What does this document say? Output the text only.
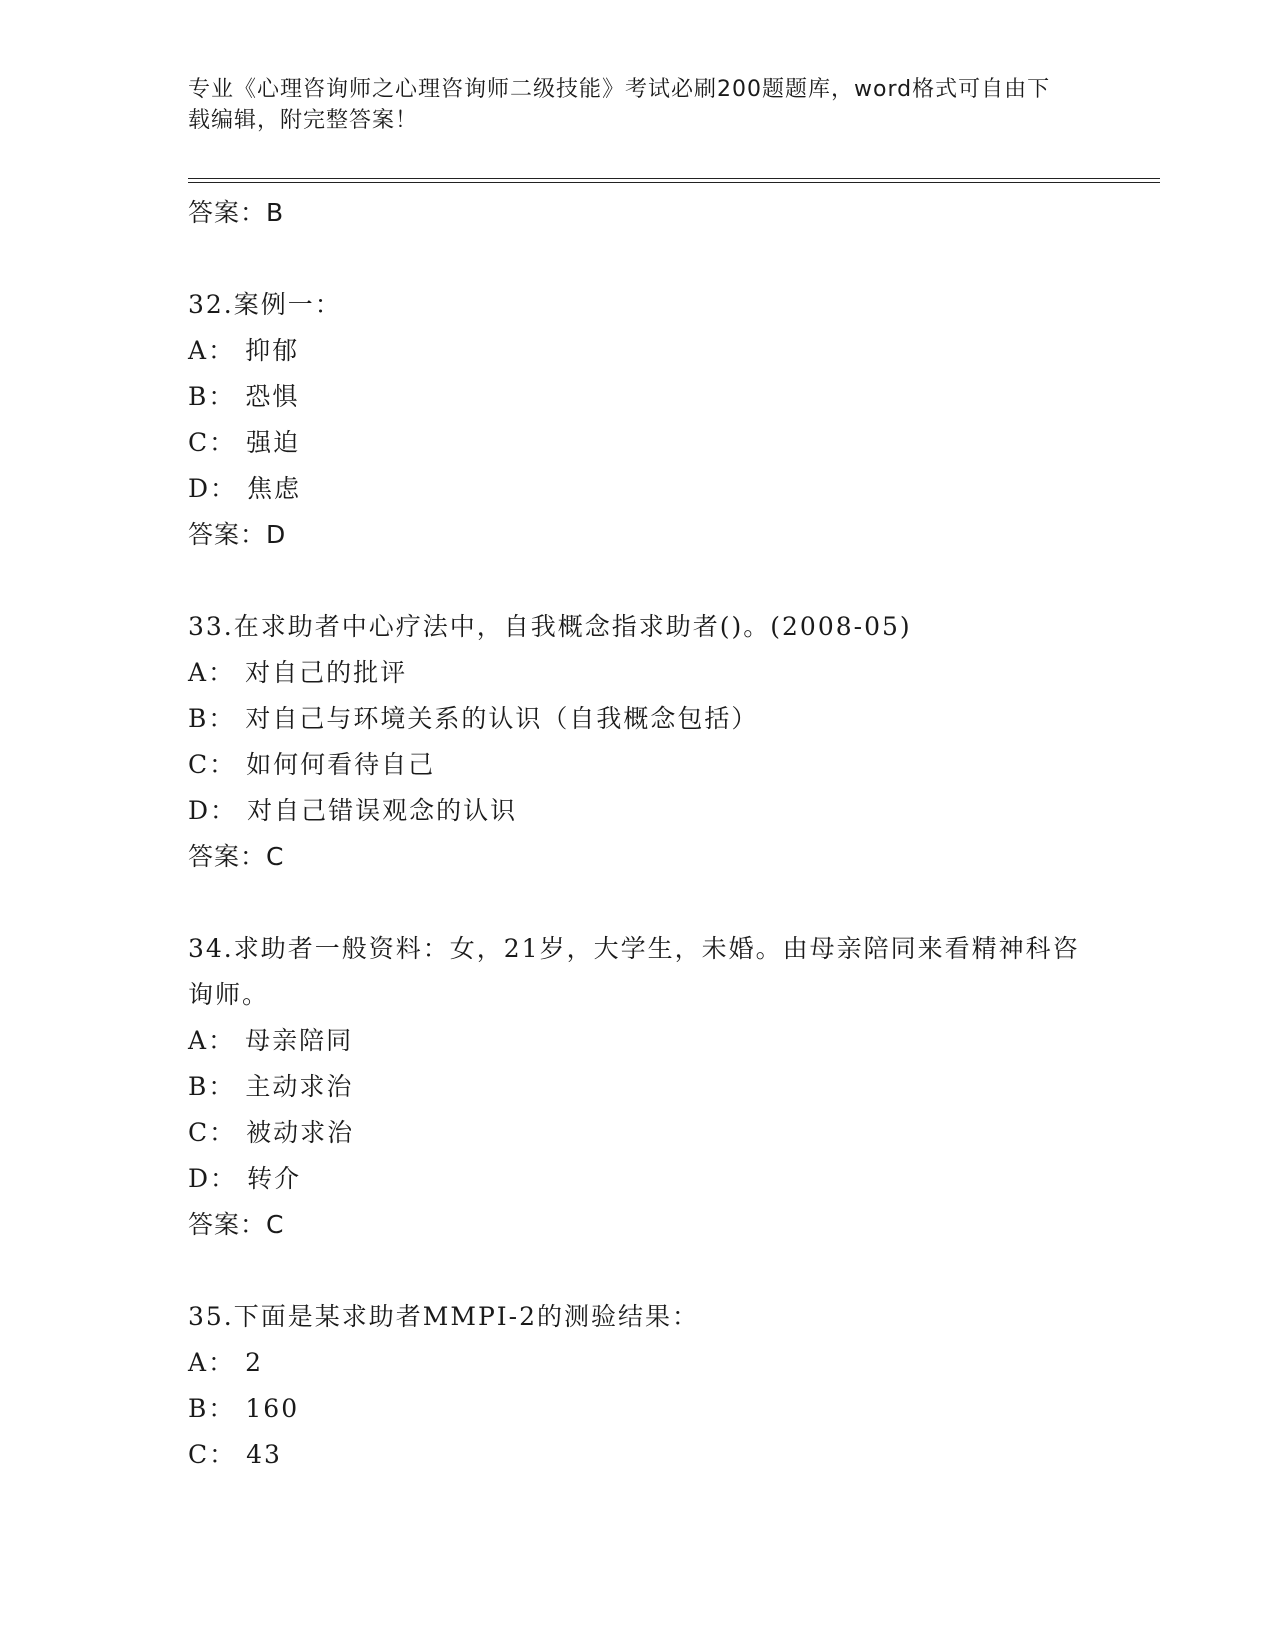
专业《心理咨询师之心理咨询师二级技能》考试必刷200题题库，word格式可自由下载编辑，附完整答案！
答案：B
32.案例一：
A： 抑郁
B： 恐惧
C： 强迫
D： 焦虑
答案：D
33.在求助者中心疗法中，自我概念指求助者()。(2008-05)
A： 对自己的批评
B： 对自己与环境关系的认识（自我概念包括）
C： 如何何看待自己
D： 对自己错误观念的认识
答案：C
34.求助者一般资料：女，21岁，大学生，未婚。由母亲陪同来看精神科咨询师。
A： 母亲陪同
B： 主动求治
C： 被动求治
D： 转介
答案：C
35.下面是某求助者MMPI-2的测验结果：
A： 2
B： 160
C： 43
